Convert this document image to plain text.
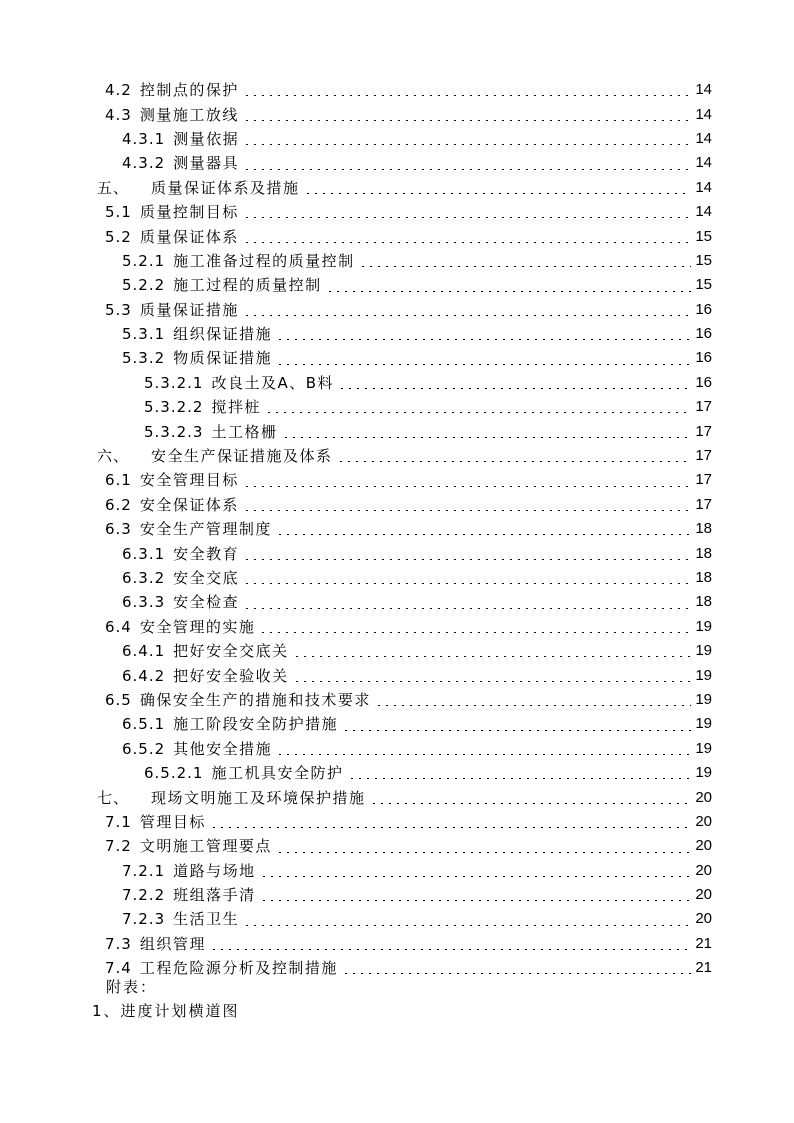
4.2 控制点的保护	14
4.3 测量施工放线	14
4.3.1 测量依据	14
4.3.2 测量器具	14
五、 质量保证体系及措施	14
5.1 质量控制目标	14
5.2 质量保证体系	15
5.2.1 施工准备过程的质量控制	15
5.2.2 施工过程的质量控制	15
5.3 质量保证措施	16
5.3.1 组织保证措施	16
5.3.2 物质保证措施	16
5.3.2.1 改良土及A、B料	16
5.3.2.2 搅拌桩	17
5.3.2.3 土工格栅	17
六、 安全生产保证措施及体系	17
6.1 安全管理目标	17
6.2 安全保证体系	17
6.3 安全生产管理制度	18
6.3.1 安全教育	18
6.3.2 安全交底	18
6.3.3 安全检查	18
6.4 安全管理的实施	19
6.4.1 把好安全交底关	19
6.4.2 把好安全验收关	19
6.5 确保安全生产的措施和技术要求	19
6.5.1 施工阶段安全防护措施	19
6.5.2 其他安全措施	19
6.5.2.1 施工机具安全防护	19
七、 现场文明施工及环境保护措施	20
7.1 管理目标	20
7.2 文明施工管理要点	20
7.2.1 道路与场地	20
7.2.2 班组落手清	20
7.2.3 生活卫生	20
7.3 组织管理	21
7.4 工程危险源分析及控制措施	21
附表：
1、进度计划横道图
